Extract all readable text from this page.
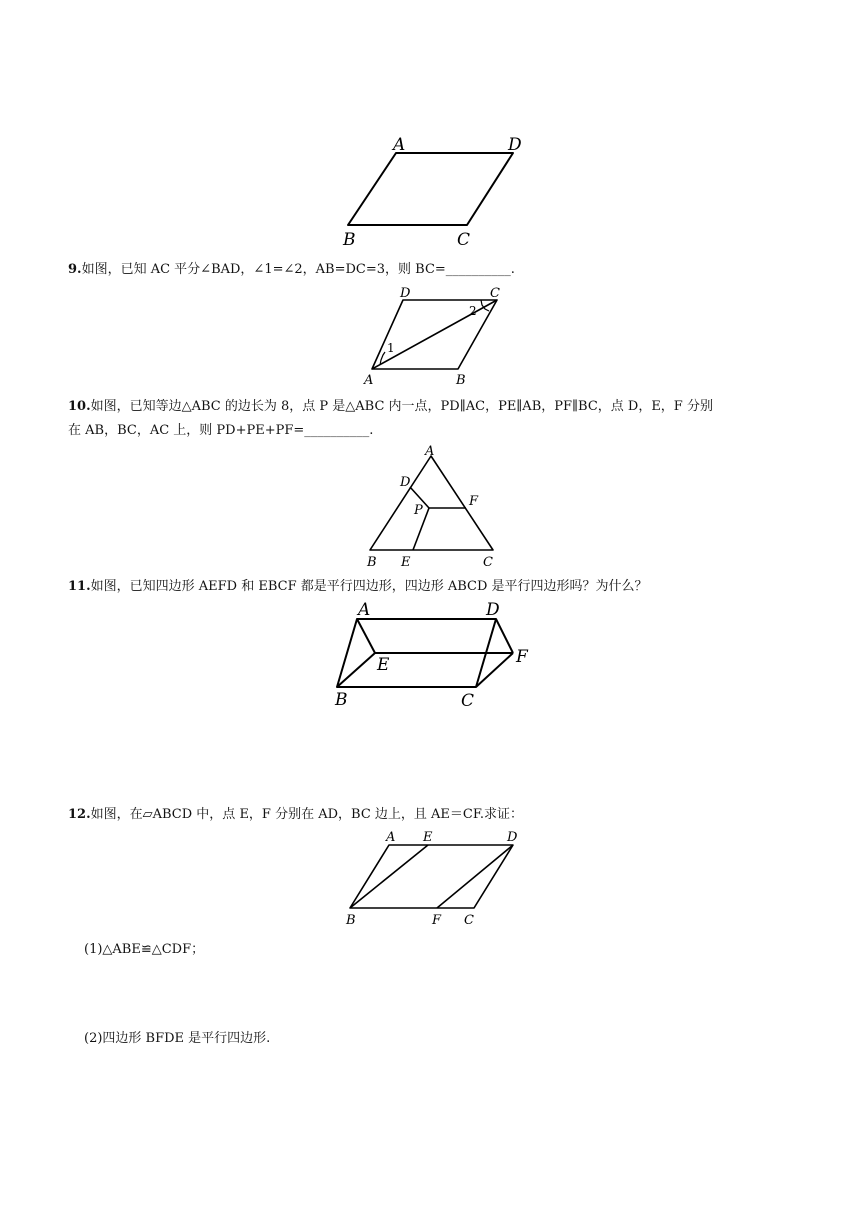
A	D
B	C
9.如图，已知 AC 平分∠BAD，∠1=∠2，AB=DC=3，则 BC=__________.
1
2
D	C
A	B
10.如图，已知等边△ABC 的边长为 8，点 P 是△ABC 内一点，PD∥AC，PE∥AB，PF∥BC，点 D，E，F 分别
在 AB，BC，AC 上，则 PD+PE+PF=__________.
A
D
F
P
B E	C
11.如图，已知四边形 AEFD 和 EBCF 都是平行四边形，四边形 ABCD 是平行四边形吗？为什么？
A	D
E	F
B	C
12.如图，在▱ABCD 中，点 E，F 分别在 AD，BC 边上，且 AE＝CF.求证：
A E	D
B	F C
(1)△ABE≌△CDF；
(2)四边形 BFDE 是平行四边形.
